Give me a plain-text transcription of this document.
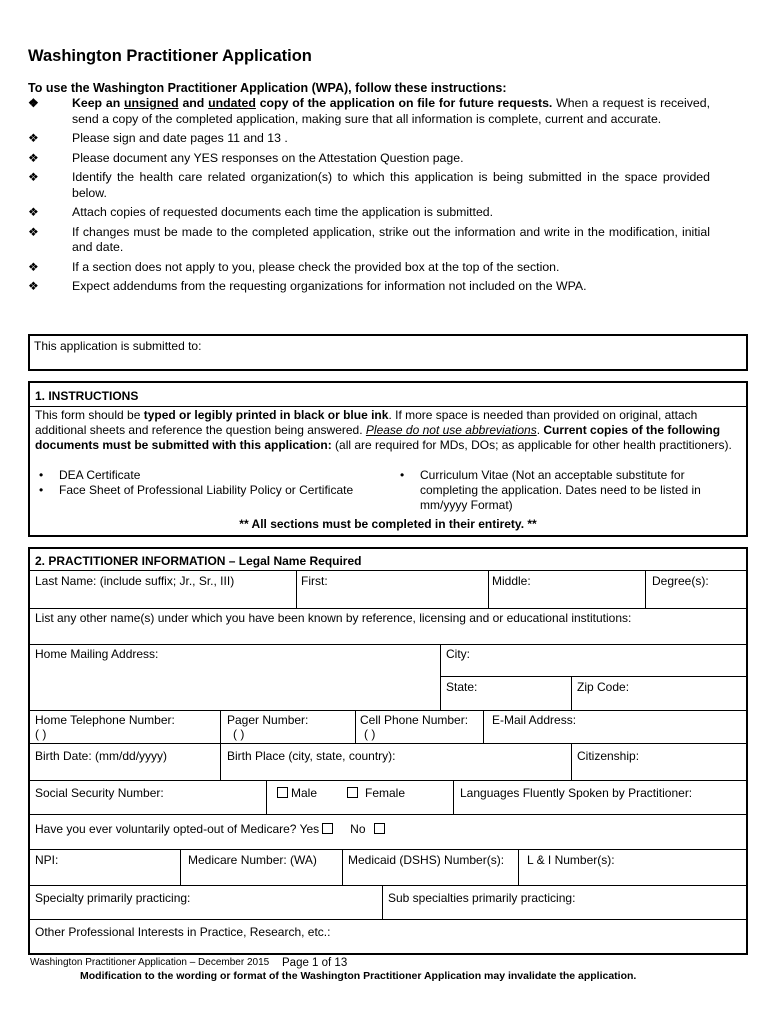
Washington Practitioner Application
To use the Washington Practitioner Application (WPA), follow these instructions:
❖	Keep an unsigned and undated copy of the application on file for future requests. When a request is received, send a copy of the completed application, making sure that all information is complete, current and accurate.
❖	Please sign and date pages 11 and 13 .
❖	Please document any YES responses on the Attestation Question page.
❖	Identify the health care related organization(s) to which this application is being submitted in the space provided below.
❖	Attach copies of requested documents each time the application is submitted.
❖	If changes must be made to the completed application, strike out the information and write in the modification, initial and date.
❖	If a section does not apply to you, please check the provided box at the top of the section.
❖	Expect addendums from the requesting organizations for information not included on the WPA.
This application is submitted to:
1. INSTRUCTIONS
This form should be typed or legibly printed in black or blue ink. If more space is needed than provided on original, attach additional sheets and reference the question being answered. Please do not use abbreviations. Current copies of the following documents must be submitted with this application: (all are required for MDs, DOs; as applicable for other health practitioners).
• DEA Certificate
• Face Sheet of Professional Liability Policy or Certificate
• Curriculum Vitae (Not an acceptable substitute for completing the application. Dates need to be listed in mm/yyyy Format)
** All sections must be completed in their entirety. **
2. PRACTITIONER INFORMATION – Legal Name Required
Last Name: (include suffix; Jr., Sr., III)	First:	Middle:	Degree(s):
List any other name(s) under which you have been known by reference, licensing and or educational institutions:
Home Mailing Address:	City:
State:	Zip Code:
Home Telephone Number:
( )
Pager Number:
( )
Cell Phone Number:
( )
E-Mail Address:
Birth Date: (mm/dd/yyyy)	Birth Place (city, state, country):	Citizenship:
Social Security Number:	Male	Female	Languages Fluently Spoken by Practitioner:
Have you ever voluntarily opted-out of Medicare? Yes	No
NPI:	Medicare Number: (WA)	Medicaid (DSHS) Number(s): L & I Number(s):
Specialty primarily practicing:	Sub specialties primarily practicing:
Other Professional Interests in Practice, Research, etc.:
Washington Practitioner Application – December 2015 Page 1 of 13
Modification to the wording or format of the Washington Practitioner Application may invalidate the application.
